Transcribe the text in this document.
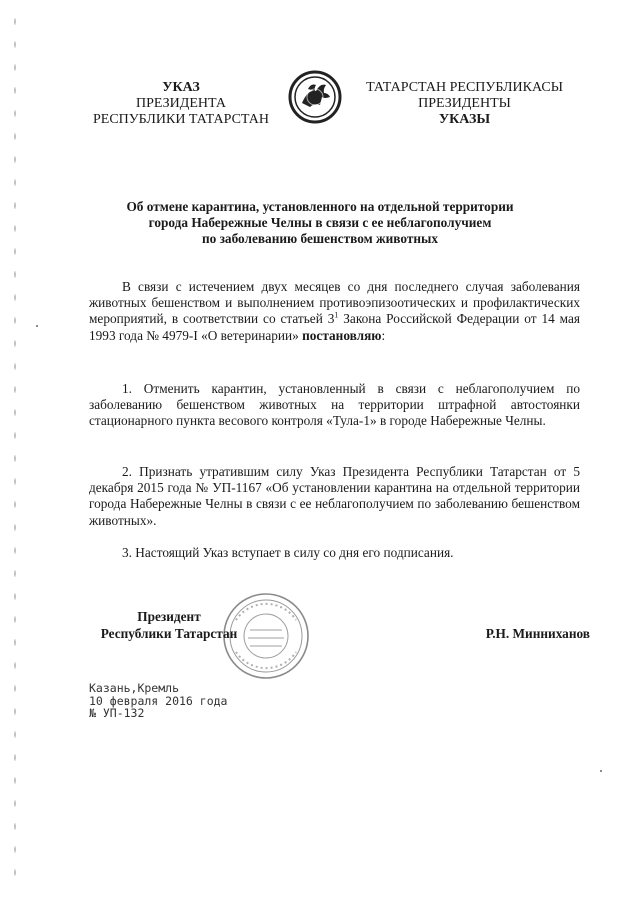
УКАЗ
ПРЕЗИДЕНТА
РЕСПУБЛИКИ ТАТАРСТАН
ТАТАРСТАН РЕСПУБЛИКАСЫ
ПРЕЗИДЕНТЫ
УКАЗЫ
Об отмене карантина, установленного на отдельной территории
города Набережные Челны в связи с ее неблагополучием
по заболеванию бешенством животных
В связи с истечением двух месяцев со дня последнего случая заболевания животных бешенством и выполнением противоэпизоотических и профилактических мероприятий, в соответствии со статьей $3^1$ Закона Российской Федерации от 14 мая 1993 года № 4979-I «О ветеринарии» постановляю:
1. Отменить карантин, установленный в связи с неблагополучием по заболеванию бешенством животных на территории штрафной автостоянки стационарного пункта весового контроля «Тула-1» в городе Набережные Челны.
2. Признать утратившим силу Указ Президента Республики Татарстан от 5 декабря 2015 года № УП-1167 «Об установлении карантина на отдельной территории города Набережные Челны в связи с ее неблагополучием по заболеванию бешенством животных».
3. Настоящий Указ вступает в силу со дня его подписания.
Президент
Республики Татарстан	Р.Н. Минниханов
Казань,Кремль
10 февраля 2016 года
№ УП-132
